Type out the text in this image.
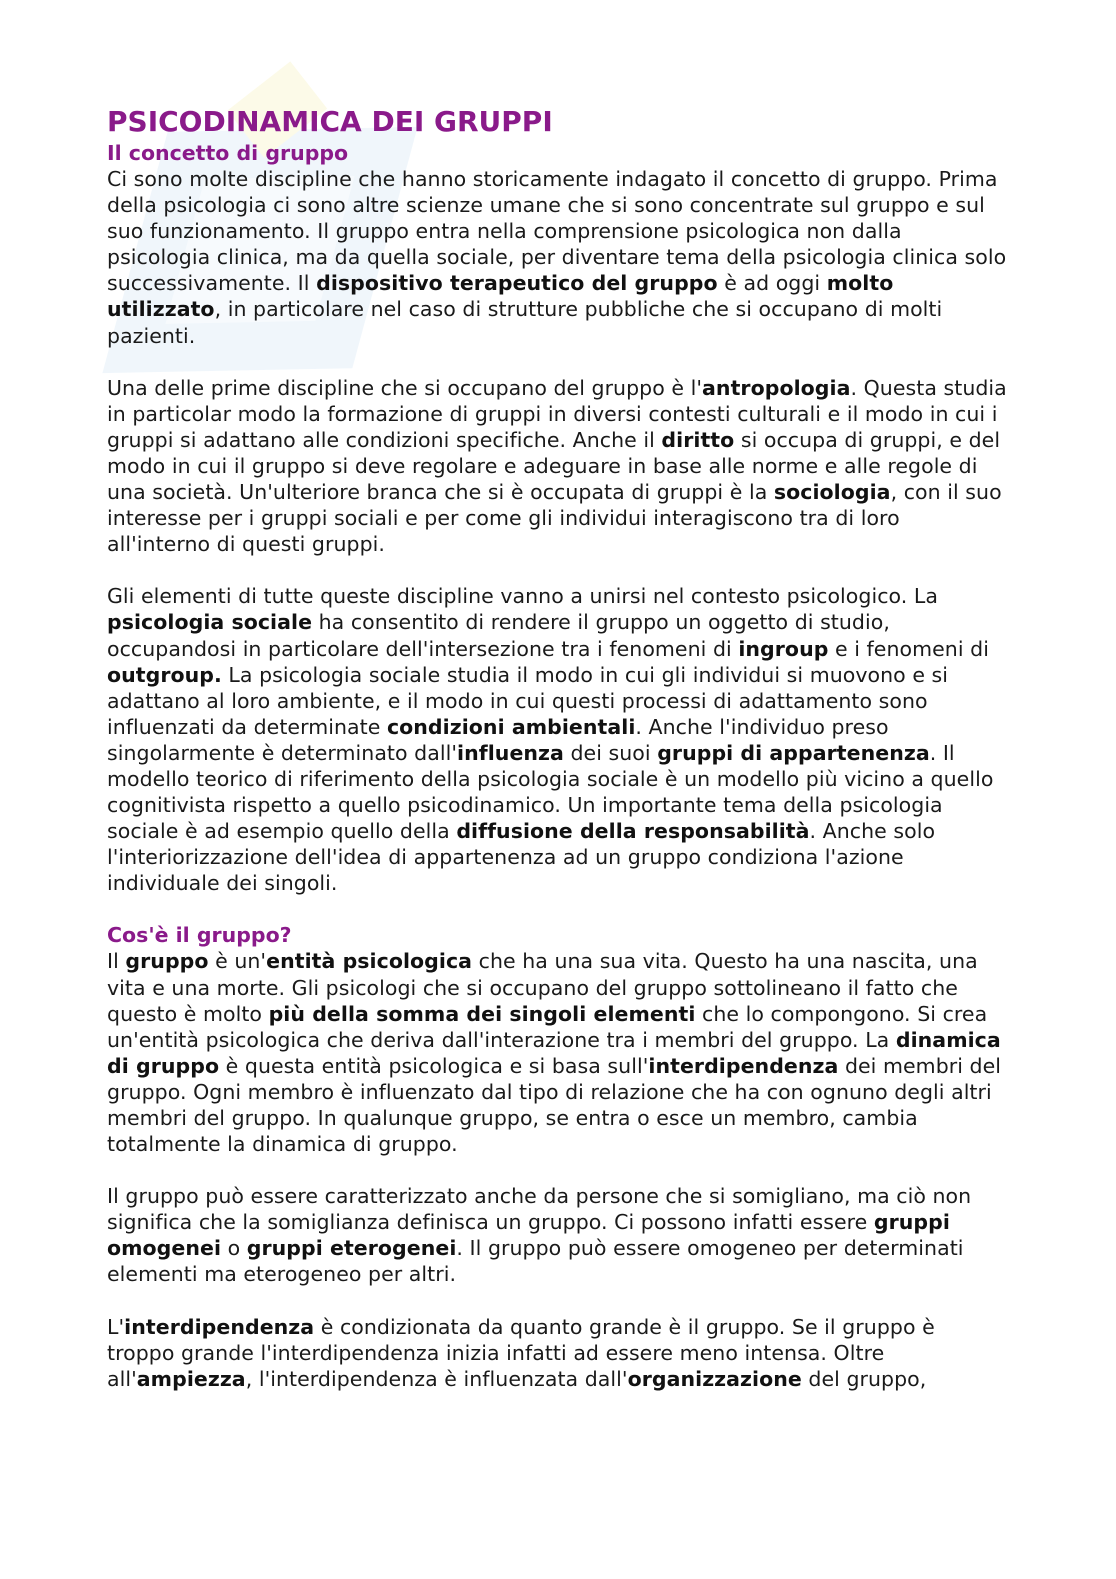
PSICODINAMICA DEI GRUPPI
Il concetto di gruppo

Ci sono molte discipline che hanno storicamente indagato il concetto di gruppo. Prima della psicologia ci sono altre scienze umane che si sono concentrate sul gruppo e sul suo funzionamento. Il gruppo entra nella comprensione psicologica non dalla psicologia clinica, ma da quella sociale, per diventare tema della psicologia clinica solo successivamente. Il dispositivo terapeutico del gruppo è ad oggi molto utilizzato, in particolare nel caso di strutture pubbliche che si occupano di molti pazienti.

Una delle prime discipline che si occupano del gruppo è l'antropologia. Questa studia in particolar modo la formazione di gruppi in diversi contesti culturali e il modo in cui i gruppi si adattano alle condizioni specifiche. Anche il diritto si occupa di gruppi, e del modo in cui il gruppo si deve regolare e adeguare in base alle norme e alle regole di una società. Un'ulteriore branca che si è occupata di gruppi è la sociologia, con il suo interesse per i gruppi sociali e per come gli individui interagiscono tra di loro all'interno di questi gruppi.

Gli elementi di tutte queste discipline vanno a unirsi nel contesto psicologico. La psicologia sociale ha consentito di rendere il gruppo un oggetto di studio, occupandosi in particolare dell'intersezione tra i fenomeni di ingroup e i fenomeni di outgroup. La psicologia sociale studia il modo in cui gli individui si muovono e si adattano al loro ambiente, e il modo in cui questi processi di adattamento sono influenzati da determinate condizioni ambientali. Anche l'individuo preso singolarmente è determinato dall'influenza dei suoi gruppi di appartenenza. Il modello teorico di riferimento della psicologia sociale è un modello più vicino a quello cognitivista rispetto a quello psicodinamico. Un importante tema della psicologia sociale è ad esempio quello della diffusione della responsabilità. Anche solo l'interiorizzazione dell'idea di appartenenza ad un gruppo condiziona l'azione individuale dei singoli.

Cos'è il gruppo?

Il gruppo è un'entità psicologica che ha una sua vita. Questo ha una nascita, una vita e una morte. Gli psicologi che si occupano del gruppo sottolineano il fatto che questo è molto più della somma dei singoli elementi che lo compongono. Si crea un'entità psicologica che deriva dall'interazione tra i membri del gruppo. La dinamica di gruppo è questa entità psicologica e si basa sull'interdipendenza dei membri del gruppo. Ogni membro è influenzato dal tipo di relazione che ha con ognuno degli altri membri del gruppo. In qualunque gruppo, se entra o esce un membro, cambia totalmente la dinamica di gruppo.

Il gruppo può essere caratterizzato anche da persone che si somigliano, ma ciò non significa che la somiglianza definisca un gruppo. Ci possono infatti essere gruppi omogenei o gruppi eterogenei. Il gruppo può essere omogeneo per determinati elementi ma eterogeneo per altri.

L'interdipendenza è condizionata da quanto grande è il gruppo. Se il gruppo è troppo grande l'interdipendenza inizia infatti ad essere meno intensa. Oltre all'ampiezza, l'interdipendenza è influenzata dall'organizzazione del gruppo,
